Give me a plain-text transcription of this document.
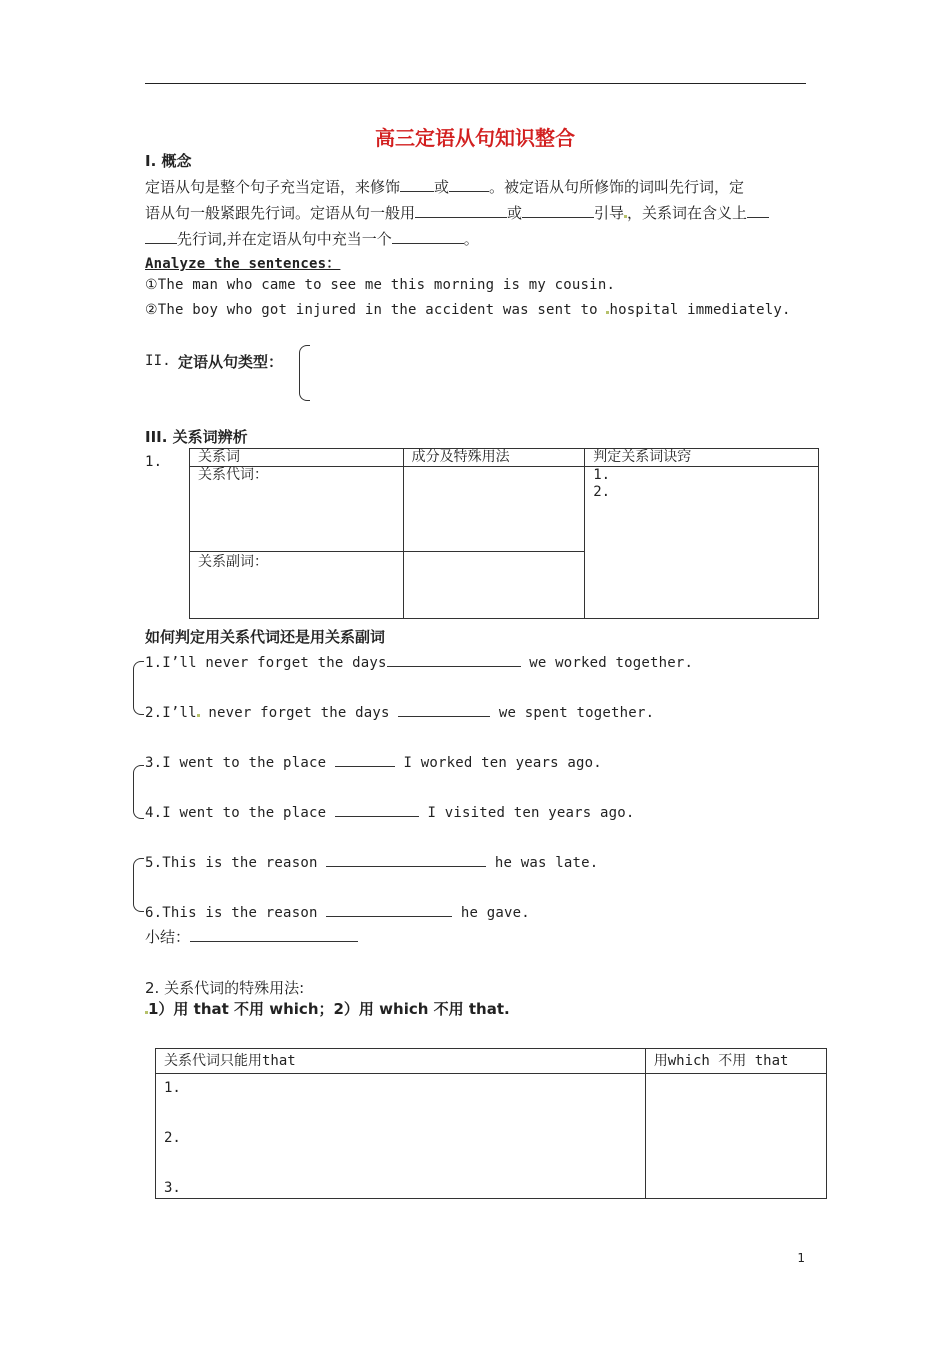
高三定语从句知识整合
I. 概念
定语从句是整个句子充当定语，来修饰 或	。被定语从句所修饰的词叫先行词，定
语从句一般紧跟先行词。定语从句一般用	或	引导 ，关系词在含义上
先行词,并在定语从句中充当一个	。
Analyze the sentences：
①The man who came to see me this morning is my cousin.
②The boy who got injured in the accident was sent to hospital immediately.
II. 定语从句类型：
III. 关系词辨析
1.	关系词	成分及特殊用法	判定关系词诀窍
关系代词：		1.
2.

关系副词：		
如何判定用关系代词还是用关系副词
1.I’ll never forget the days	we worked together.
2.I’ll never forget the days	we spent together.
3.I went to the place	I worked ten years ago.
4.I went to the place	I visited ten years ago.
5.This is the reason	he was late.
6.This is the reason	he gave.
小结：
2. 关系代词的特殊用法:
1）用 that 不用 which；2）用 which 不用 that.
关系代词只能用that	用which 不用 that

1.
2.
3.	

1
